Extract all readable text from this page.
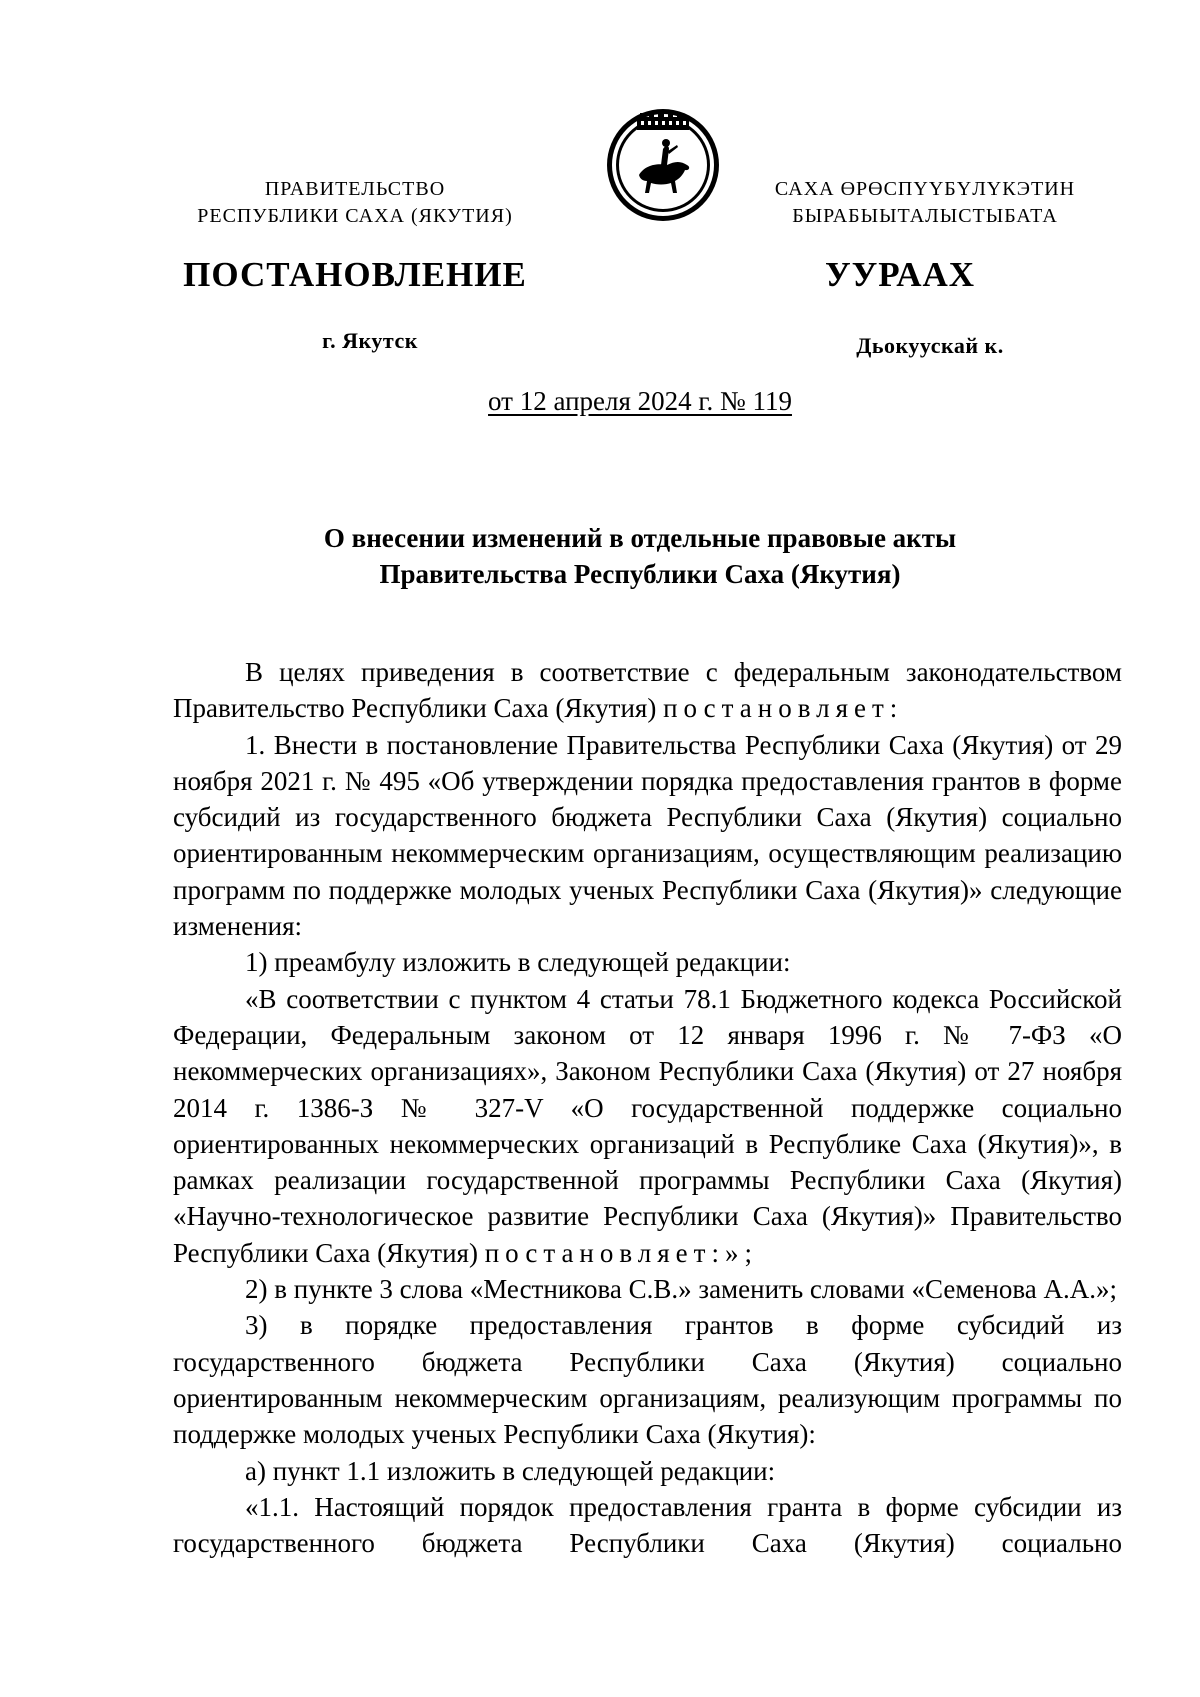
ПРАВИТЕЛЬСТВО
РЕСПУБЛИКИ САХА (ЯКУТИЯ)
САХА ӨРӨСПҮҮБҮЛҮКЭТИН
БЫРАБЫЫТАЛЫСТЫБАТА
ПОСТАНОВЛЕНИЕ	УУРААХ
г. Якутск	Дьокуускай к.
от 12 апреля 2024 г. № 119
О внесении изменений в отдельные правовые акты
Правительства Республики Саха (Якутия)

В целях приведения в соответствие с федеральным законодательством Правительство Республики Саха (Якутия) постановляет:

1. Внести в постановление Правительства Республики Саха (Якутия) от 29 ноября 2021 г. № 495 «Об утверждении порядка предоставления грантов в форме субсидий из государственного бюджета Республики Саха (Якутия) социально ориентированным некоммерческим организациям, осуществляющим реализацию программ по поддержке молодых ученых Республики Саха (Якутия)» следующие изменения:

1) преамбулу изложить в следующей редакции:

«В соответствии с пунктом 4 статьи 78.1 Бюджетного кодекса Российской Федерации, Федеральным законом от 12 января 1996 г. № 7-ФЗ «О некоммерческих организациях», Законом Республики Саха (Якутия) от 27 ноября 2014 г. 1386-З № 327-V «О государственной поддержке социально ориентированных некоммерческих организаций в Республике Саха (Якутия)», в рамках реализации государственной программы Республики Саха (Якутия) «Научно-технологическое развитие Республики Саха (Якутия)» Правительство Республики Саха (Якутия) постановляет:»;

2) в пункте 3 слова «Местникова С.В.» заменить словами «Семенова А.А.»;

3) в порядке предоставления грантов в форме субсидий из государственного бюджета Республики Саха (Якутия) социально ориентированным некоммерческим организациям, реализующим программы по поддержке молодых ученых Республики Саха (Якутия):

а) пункт 1.1 изложить в следующей редакции:

«1.1. Настоящий порядок предоставления гранта в форме субсидии из государственного бюджета Республики Саха (Якутия) социально
